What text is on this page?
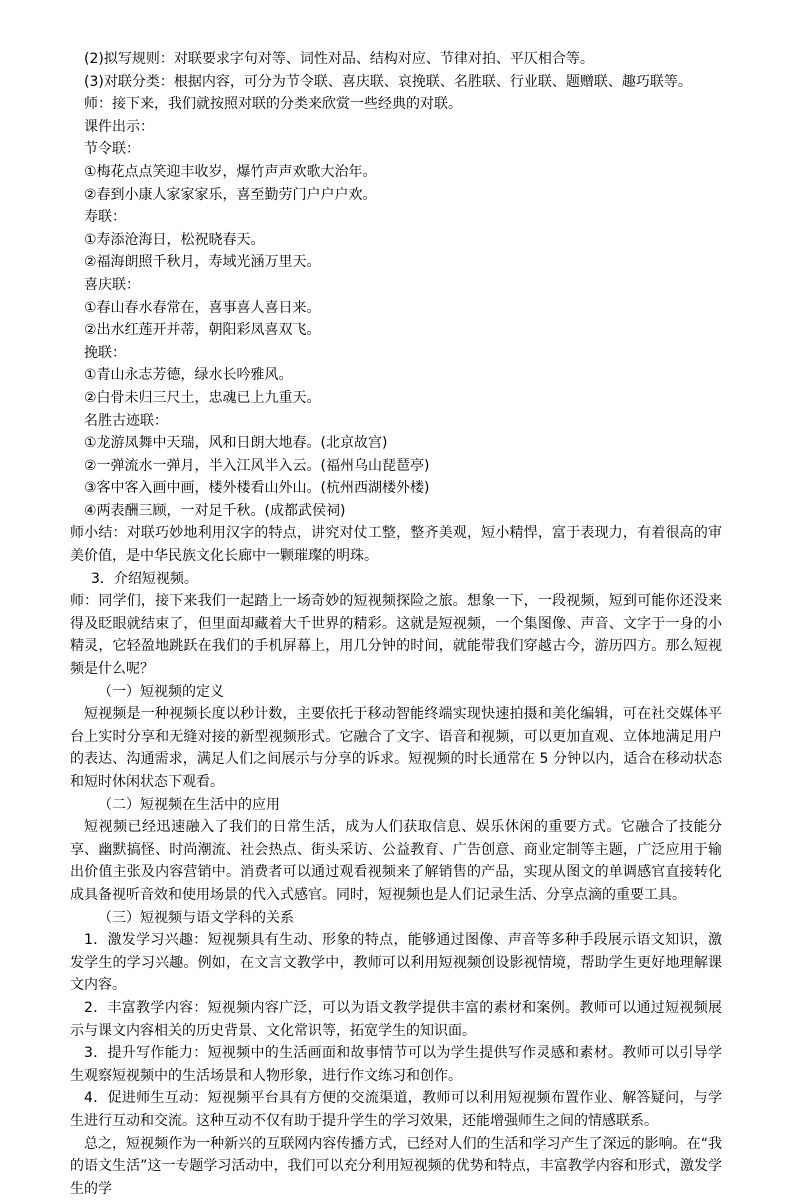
(2)拟写规则：对联要求字句对等、词性对品、结构对应、节律对拍、平仄相合等。

(3)对联分类：根据内容，可分为节令联、喜庆联、哀挽联、名胜联、行业联、题赠联、趣巧联等。

师：接下来，我们就按照对联的分类来欣赏一些经典的对联。

课件出示：

节令联：

①梅花点点笑迎丰收岁，爆竹声声欢歌大治年。

②春到小康人家家家乐，喜至勤劳门户户户欢。

寿联：

①寿添沧海日，松祝晓春天。

②福海朗照千秋月，寿域光涵万里天。

喜庆联：

①春山春水春常在，喜事喜人喜日来。

②出水红莲开并蒂，朝阳彩凤喜双飞。

挽联：

①青山永志芳德，绿水长吟雅风。

②白骨未归三尺土，忠魂已上九重天。

名胜古迹联：

①龙游凤舞中天瑞，风和日朗大地春。(北京故宫)

②一弹流水一弹月，半入江风半入云。(福州乌山琵琶亭)

③客中客入画中画，楼外楼看山外山。(杭州西湖楼外楼)

④两表酬三顾，一对足千秋。(成都武侯祠)

师小结：对联巧妙地利用汉字的特点，讲究对仗工整，整齐美观，短小精悍，富于表现力，有着很高的审美价值，是中华民族文化长廊中一颗璀璨的明珠。

3．介绍短视频。

师：同学们，接下来我们一起踏上一场奇妙的短视频探险之旅。想象一下，一段视频，短到可能你还没来得及眨眼就结束了，但里面却藏着大千世界的精彩。这就是短视频，一个集图像、声音、文字于一身的小精灵，它轻盈地跳跃在我们的手机屏幕上，用几分钟的时间，就能带我们穿越古今，游历四方。那么短视频是什么呢？

（一）短视频的定义

短视频是一种视频长度以秒计数，主要依托于移动智能终端实现快速拍摄和美化编辑，可在社交媒体平台上实时分享和无缝对接的新型视频形式。它融合了文字、语音和视频，可以更加直观、立体地满足用户的表达、沟通需求，满足人们之间展示与分享的诉求。短视频的时长通常在 5 分钟以内，适合在移动状态和短时休闲状态下观看。

（二）短视频在生活中的应用

短视频已经迅速融入了我们的日常生活，成为人们获取信息、娱乐休闲的重要方式。它融合了技能分享、幽默搞怪、时尚潮流、社会热点、街头采访、公益教育、广告创意、商业定制等主题，广泛应用于输出价值主张及内容营销中。消费者可以通过观看视频来了解销售的产品，实现从图文的单调感官直接转化成具备视听音效和使用场景的代入式感官。同时，短视频也是人们记录生活、分享点滴的重要工具。

（三）短视频与语文学科的关系

1．激发学习兴趣：短视频具有生动、形象的特点，能够通过图像、声音等多种手段展示语文知识，激发学生的学习兴趣。例如，在文言文教学中，教师可以利用短视频创设影视情境，帮助学生更好地理解课文内容。

2．丰富教学内容：短视频内容广泛，可以为语文教学提供丰富的素材和案例。教师可以通过短视频展示与课文内容相关的历史背景、文化常识等，拓宽学生的知识面。

3．提升写作能力：短视频中的生活画面和故事情节可以为学生提供写作灵感和素材。教师可以引导学生观察短视频中的生活场景和人物形象，进行作文练习和创作。

4．促进师生互动：短视频平台具有方便的交流渠道，教师可以利用短视频布置作业、解答疑问，与学生进行互动和交流。这种互动不仅有助于提升学生的学习效果，还能增强师生之间的情感联系。

总之，短视频作为一种新兴的互联网内容传播方式，已经对人们的生活和学习产生了深远的影响。在“我的语文生活”这一专题学习活动中，我们可以充分利用短视频的优势和特点，丰富教学内容和形式，激发学生的学
